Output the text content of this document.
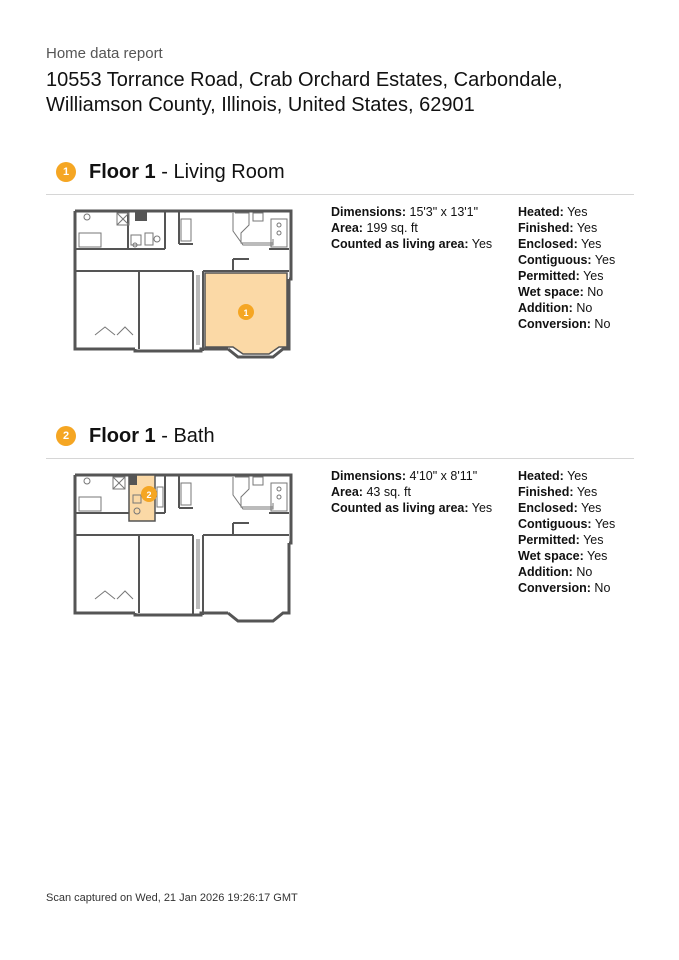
Home data report
10553 Torrance Road, Crab Orchard Estates, Carbondale,
Williamson County, Illinois, United States, 62901
1 Floor 1 - Living Room
1
Dimensions: 15'3" x 13'1"
Area: 199 sq. ft
Counted as living area: Yes
Heated: Yes
Finished: Yes
Enclosed: Yes
Contiguous: Yes
Permitted: Yes
Wet space: No
Addition: No
Conversion: No
2 Floor 1 - Bath
2
Dimensions: 4'10" x 8'11"
Area: 43 sq. ft
Counted as living area: Yes
Heated: Yes
Finished: Yes
Enclosed: Yes
Contiguous: Yes
Permitted: Yes
Wet space: Yes
Addition: No
Conversion: No
Scan captured on Wed, 21 Jan 2026 19:26:17 GMT
